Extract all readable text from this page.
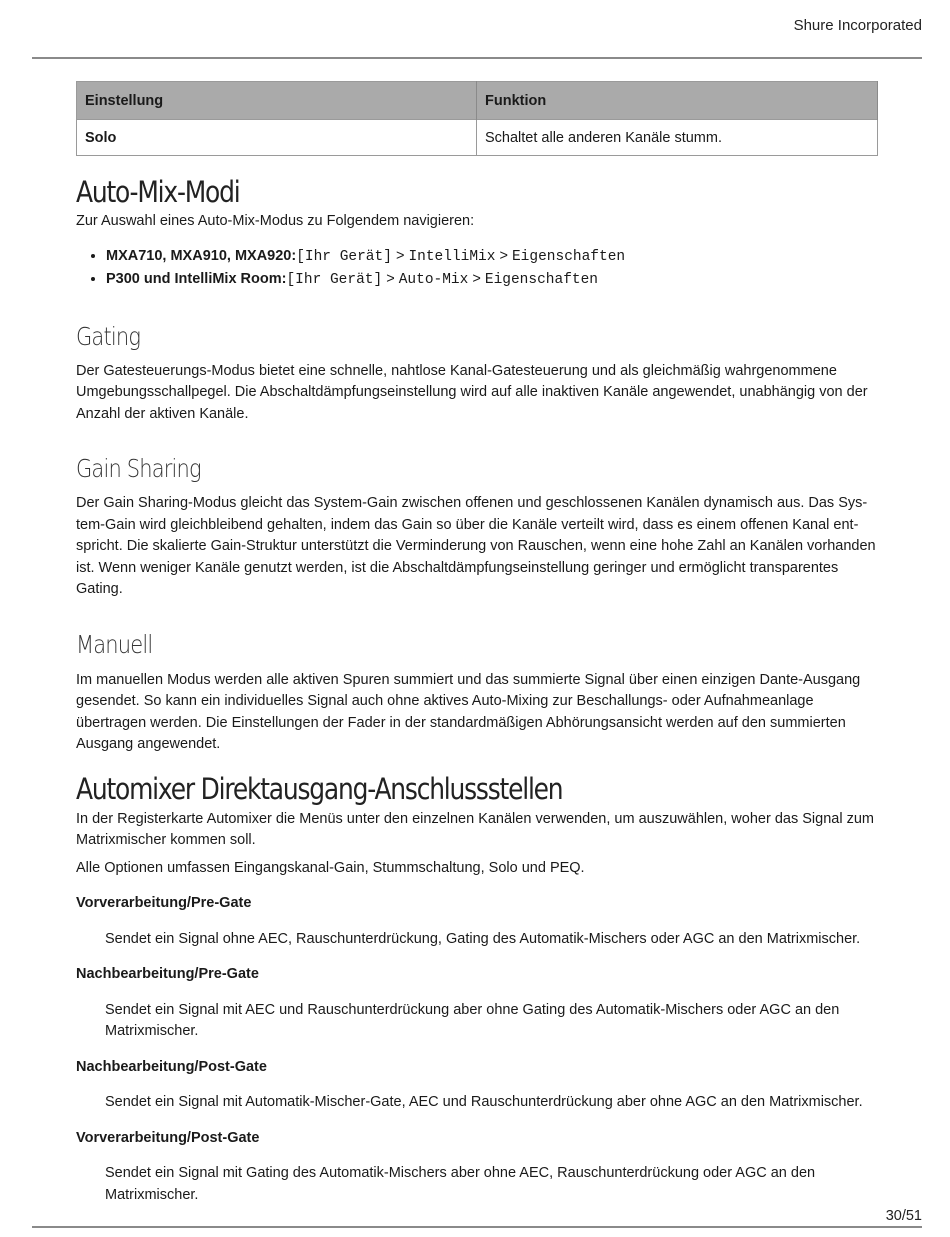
Shure Incorporated
Einstellung	Funktion
Solo	Schaltet alle anderen Kanäle stumm.
Auto-Mix-Modi

Zur Auswahl eines Auto-Mix-Modus zu Folgendem navigieren:

• MXA710, MXA910, MXA920:[Ihr Gerät] > IntelliMix > Eigenschaften
• P300 und IntelliMix Room:[Ihr Gerät] > Auto-Mix > Eigenschaften
Gating

Der Gatesteuerungs-Modus bietet eine schnelle, nahtlose Kanal-Gatesteuerung und als gleichmäßig wahrgenommene Umgebungsschallpegel. Die Abschaltdämpfungseinstellung wird auf alle inaktiven Kanäle angewendet, unabhängig von der Anzahl der aktiven Kanäle.

Gain Sharing

Der Gain Sharing-Modus gleicht das System-Gain zwischen offenen und geschlossenen Kanälen dynamisch aus. Das System-Gain wird gleichbleibend gehalten, indem das Gain so über die Kanäle verteilt wird, dass es einem offenen Kanal entspricht. Die skalierte Gain-Struktur unterstützt die Verminderung von Rauschen, wenn eine hohe Zahl an Kanälen vorhanden ist. Wenn weniger Kanäle genutzt werden, ist die Abschaltdämpfungseinstellung geringer und ermöglicht transparentes Gating.

Manuell

Im manuellen Modus werden alle aktiven Spuren summiert und das summierte Signal über einen einzigen Dante-Ausgang gesendet. So kann ein individuelles Signal auch ohne aktives Auto-Mixing zur Beschallungs- oder Aufnahmeanlage übertragen werden. Die Einstellungen der Fader in der standardmäßigen Abhörungsansicht werden auf den summierten Ausgang angewendet.

Automixer Direktausgang-Anschlussstellen

In der Registerkarte Automixer die Menüs unter den einzelnen Kanälen verwenden, um auszuwählen, woher das Signal zum Matrixmischer kommen soll.

Alle Optionen umfassen Eingangskanal-Gain, Stummschaltung, Solo und PEQ.

Vorverarbeitung/Pre-Gate

Sendet ein Signal ohne AEC, Rauschunterdrückung, Gating des Automatik-Mischers oder AGC an den Matrixmischer.

Nachbearbeitung/Pre-Gate

Sendet ein Signal mit AEC und Rauschunterdrückung aber ohne Gating des Automatik-Mischers oder AGC an den Matrixmischer.

Nachbearbeitung/Post-Gate

Sendet ein Signal mit Automatik-Mischer-Gate, AEC und Rauschunterdrückung aber ohne AGC an den Matrixmischer.

Vorverarbeitung/Post-Gate

Sendet ein Signal mit Gating des Automatik-Mischers aber ohne AEC, Rauschunterdrückung oder AGC an den Matrixmischer.

30/51
